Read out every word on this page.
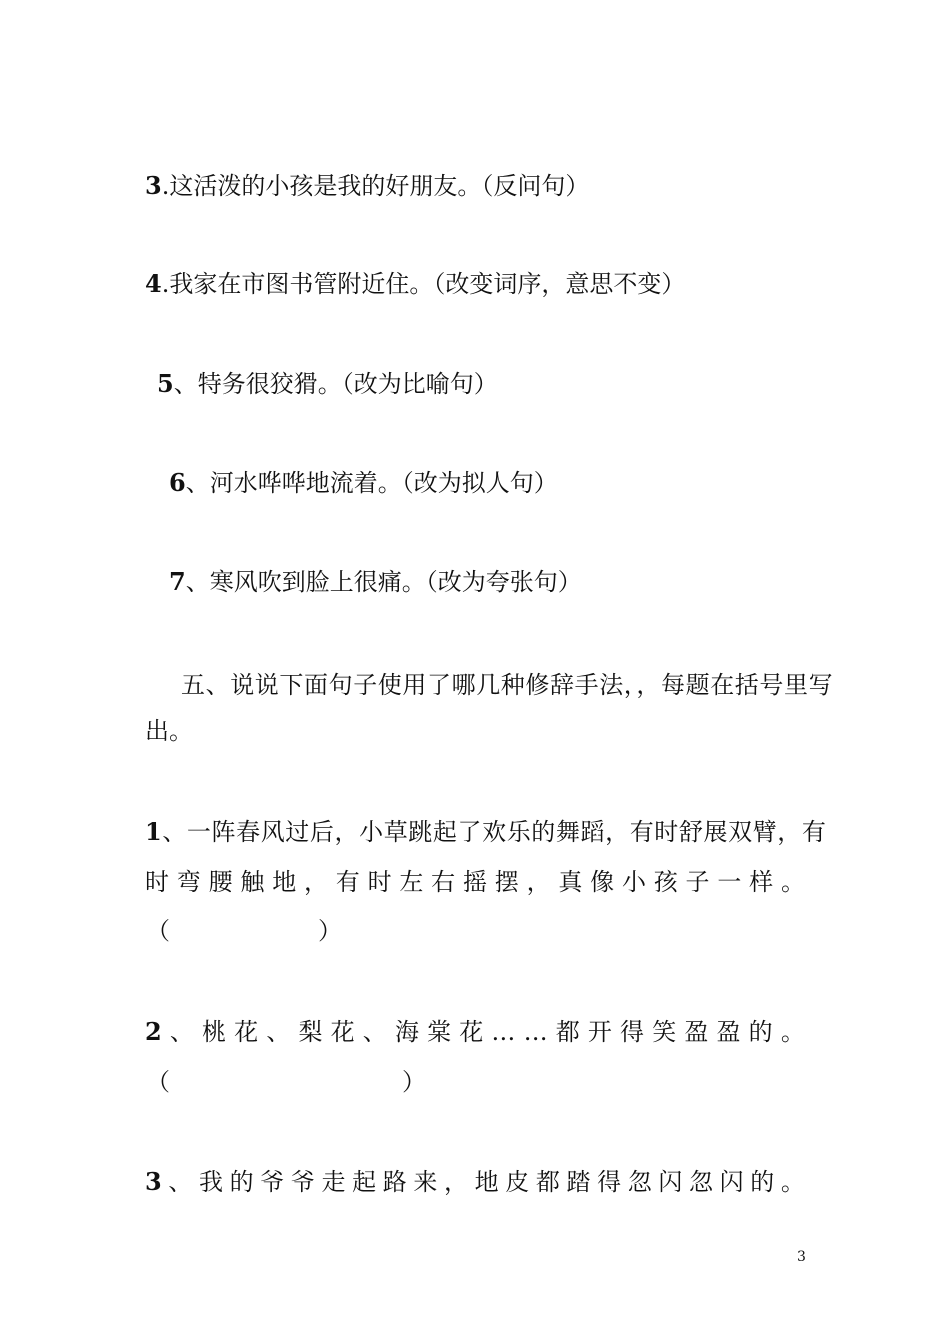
3.这活泼的小孩是我的好朋友。（反问句）
4.我家在市图书管附近住。（改变词序，意思不变）
5、特务很狡猾。（改为比喻句）
6、河水哗哗地流着。（改为拟人句）
7、寒风吹到脸上很痛。（改为夸张句）
五、说说下面句子使用了哪几种修辞手法，，每题在括号里写
出。
1、一阵春风过后，小草跳起了欢乐的舞蹈，有时舒展双臂，有
时 弯 腰 触 地 ， 有 时 左 右 摇 摆 ， 真 像 小 孩 子 一 样 。
（	）
2 、 桃 花 、 梨 花 、 海 棠 花 … … 都 开 得 笑 盈 盈 的 。
（	）
3 、 我 的 爷 爷 走 起 路 来 ， 地 皮 都 踏 得 忽 闪 忽 闪 的 。
3
